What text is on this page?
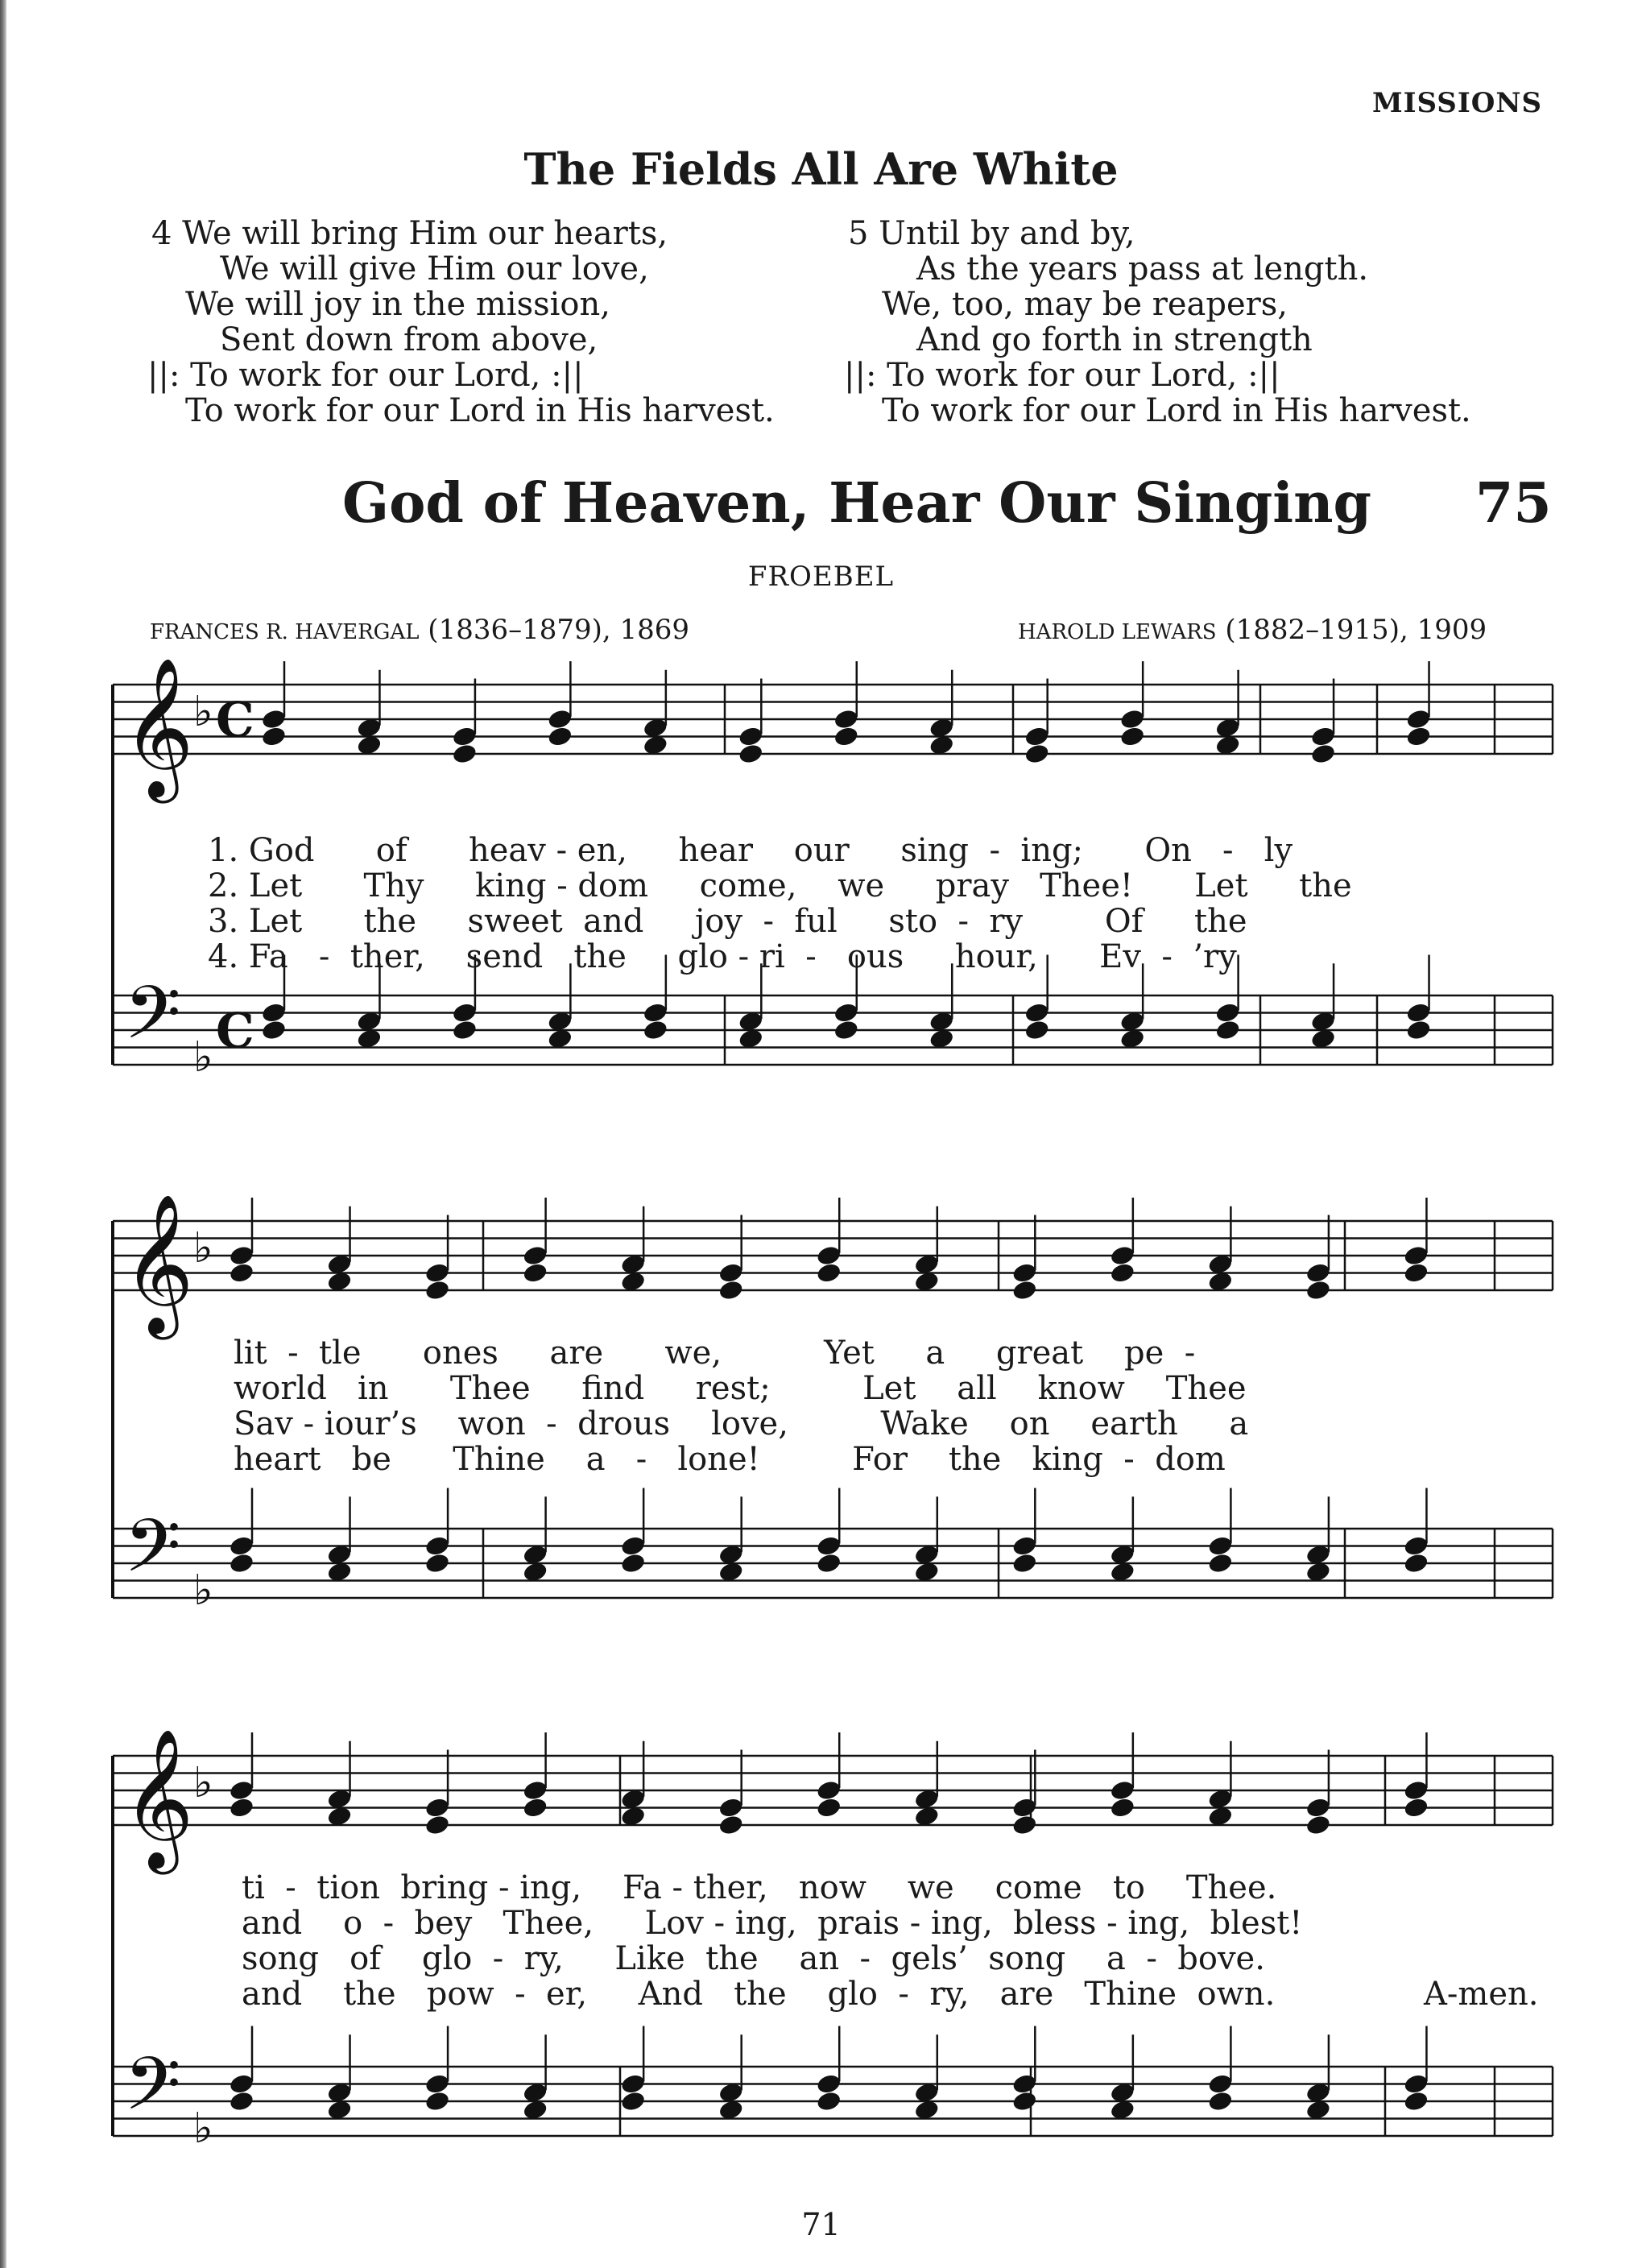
MISSIONS
The Fields All Are White
4 We will bring Him our hearts,
We will give Him our love,
We will joy in the mission,
Sent down from above,
||: To work for our Lord, :||
To work for our Lord in His harvest.
5 Until by and by,
As the years pass at length.
We, too, may be reapers,
And go forth in strength
||: To work for our Lord, :||
To work for our Lord in His harvest.
God of Heaven, Hear Our Singing 75
FROEBEL
FRANCES R. HAVERGAL (1836–1879), 1869	HAROLD LEWARS (1882–1915), 1909
𝄞
𝄢
♭
♭
C
C
𝄞
𝄢
♭
♭
𝄞
𝄢
♭
♭
1. God      of      heav - en,     hear    our     sing  -  ing;      On   -   ly
2. Let      Thy     king - dom     come,    we     pray   Thee!      Let     the
3. Let      the     sweet  and     joy  -  ful     sto  -  ry        Of     the
4. Fa   -  ther,    send   the     glo - ri  -   ous     hour,      Ev  -  ’ry
lit  -  tle      ones     are      we,          Yet     a     great    pe  -
world   in      Thee     find     rest;         Let    all    know    Thee
Sav - iour’s    won  -  drous    love,         Wake    on    earth     a
heart   be      Thine    a   -   lone!         For    the   king  -  dom
ti  -  tion  bring - ing,    Fa - ther,   now    we    come   to    Thee.
and    o  -  bey   Thee,     Lov - ing,  prais - ing,  bless - ing,  blest!
song   of    glo  -  ry,     Like  the    an  -  gels’  song    a  -  bove.
and    the   pow  -  er,     And   the    glo  -  ry,   are   Thine  own.	A-men.
71
